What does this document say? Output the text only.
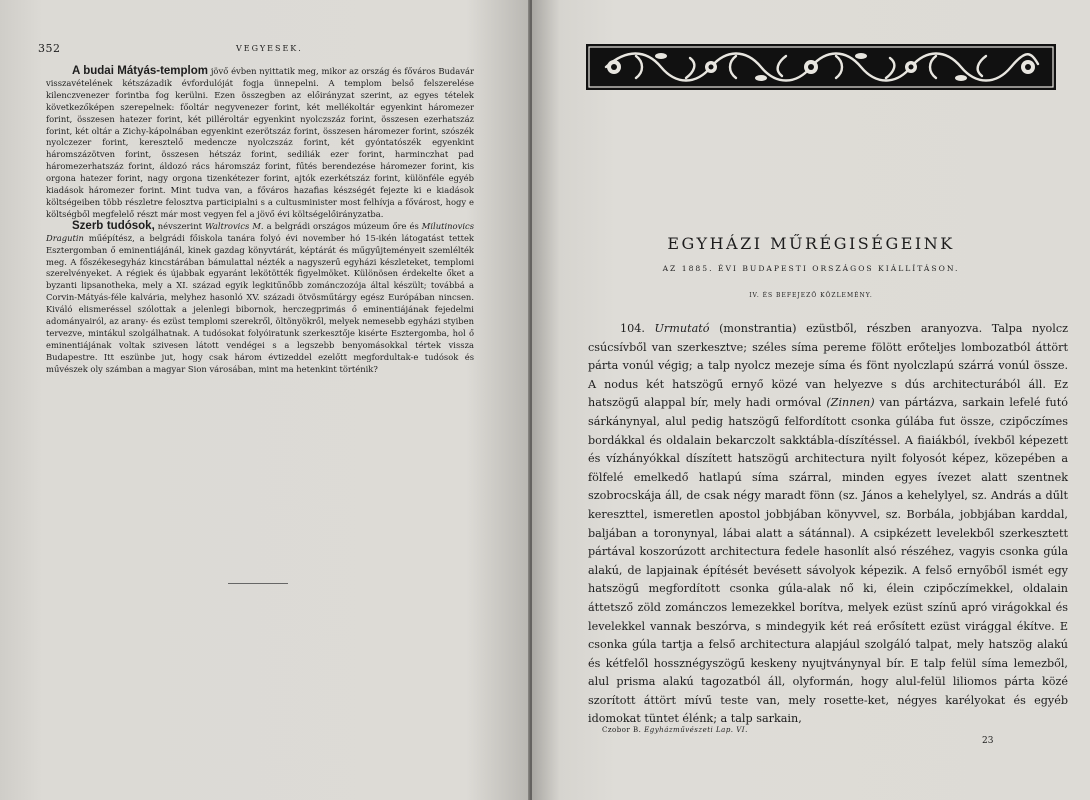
352	VEGYESEK.

A budai Mátyás-templom jövő évben nyittatik meg, mikor az ország és főváros Budavár visszavételének kétszázadik évfordulóját fogja ünnepelni. A templom belső felszerelése kilenczvenezer forintba fog kerülni. Ezen összegben az előirányzat szerint, az egyes tételek következőképen szerepelnek: főoltár negyvenezer forint, két mellékoltár egyenkint háromezer forint, összesen hatezer forint, két pilléroltár egyenkint nyolczszáz forint, összesen ezerhatszáz forint, két oltár a Zichy-kápolnában egyenkint ezerötszáz forint, összesen háromezer forint, szószék nyolczezer forint, keresztelő medencze nyolczszáz forint, két gyóntatószék egyenkint háromszázötven forint, összesen hétszáz forint, sediliák ezer forint, harminczhat pad háromezerhatszáz forint, áldozó rács háromszáz forint, fűtés berendezése háromezer forint, kis orgona hatezer forint, nagy orgona tizenkétezer forint, ajtók ezerkétszáz forint, különféle egyéb kiadások háromezer forint. Mint tudva van, a főváros hazafias készségét fejezte ki e kiadások költségeiben több részletre felosztva participialni s a cultusminister most felhívja a fővárost, hogy e költségből megfelelő részt már most vegyen fel a jövő évi költségelőirányzatba.

Szerb tudósok, névszerint Waltrovics M. a belgrádi országos múzeum őre és Milutinovics Dragutin műépítész, a belgrádi főiskola tanára folyó évi november hó 15-ikén látogatást tettek Esztergomban ő eminentiájánál, kinek gazdag könyvtárát, képtárát és műgyűjteményeit szemlélték meg. A főszékesegyház kincstárában bámulattal nézték a nagyszerű egyházi készleteket, templomi szerelvényeket. A régiek és újabbak egyaránt lekötötték figyelmöket. Különösen érdekelte őket a byzanti lipsanotheka, mely a XI. század egyik legkitűnőbb zománczozója által készült; továbbá a Corvin-Mátyás-féle kalvária, melyhez hasonló XV. századi ötvösműtárgy egész Európában nincsen. Kiváló elismeréssel szólottak a jelenlegi bibornok, herczegprimás ő eminentiájának fejedelmi adományairól, az arany- és ezüst templomi szerekről, öltönyökről, melyek nemesebb egyházi styiben tervezve, mintákul szolgálhatnak. A tudósokat folyóiratunk szerkesztője kisérte Esztergomba, hol ő eminentiájának voltak szivesen látott vendégei s a legszebb benyomásokkal tértek vissza Budapestre. Itt eszünbe jut, hogy csak három évtizeddel ezelőtt megfordultak-e tudósok és művészek oly számban a magyar Sion városában, mint ma hetenkint történik?

EGYHÁZI MŰRÉGISÉGEINK
AZ 1885. ÉVI BUDAPESTI ORSZÁGOS KIÁLLÍTÁSON.
IV. ÉS BEFEJEZŐ KÖZLEMÉNY.

104. Urmutató (monstrantia) ezüstből, részben aranyozva. Talpa nyolcz csúcsívből van szerkesztve; széles síma pereme fölött erőteljes lombozatból áttört párta vonúl végig; a talp nyolcz mezeje síma és fönt nyolczlapú szárrá vonúl össze. A nodus két hatszögű ernyő közé van helyezve s dús architecturából áll. Ez hatszögű alappal bír, mely hadi ormóval (Zinnen) van pártázva, sarkain lefelé futó sárkánynyal, alul pedig hatszögű felfordított csonka gúlába fut össze, czipőczímes bordákkal és oldalain bekarczolt sakktábla-díszítéssel. A fiaiákból, ívekből képezett és vízhányókkal díszített hatszögű architectura nyilt folyosót képez, közepében a fölfelé emelkedő hatlapú síma szárral, minden egyes ívezet alatt szentnek szobrocskája áll, de csak négy maradt fönn (sz. János a kehelylyel, sz. András a dűlt kereszttel, ismeretlen apostol jobbjában könyvvel, sz. Borbála, jobbjában karddal, baljában a toronynyal, lábai alatt a sátánnal). A csipkézett levelekből szerkesztett pártával koszorúzott architectura fedele hasonlít alsó részéhez, vagyis csonka gúla alakú, de lapjainak építését bevésett sávolyok képezik. A felső ernyőből ismét egy hatszögű megfordított csonka gúla-alak nő ki, élein czipőczímekkel, oldalain áttetsző zöld zománczos lemezekkel borítva, melyek ezüst színű apró virágokkal és levelekkel vannak beszórva, s mindegyik két reá erősített ezüst virággal ékítve. E csonka gúla tartja a felső architectura alapjául szolgáló talpat, mely hatszög alakú és kétfelől hossznégyszögű keskeny nyujtványnyal bír. E talp felül síma lemezből, alul prisma alakú tagozatból áll, olyformán, hogy alul-felül liliomos párta közé szorított áttört mívű teste van, mely rosette-ket, négyes karélyokat és egyéb idomokat tüntet élénk; a talp sarkain,

Czobor B. Egyházművészeti Lap. VI.
23
